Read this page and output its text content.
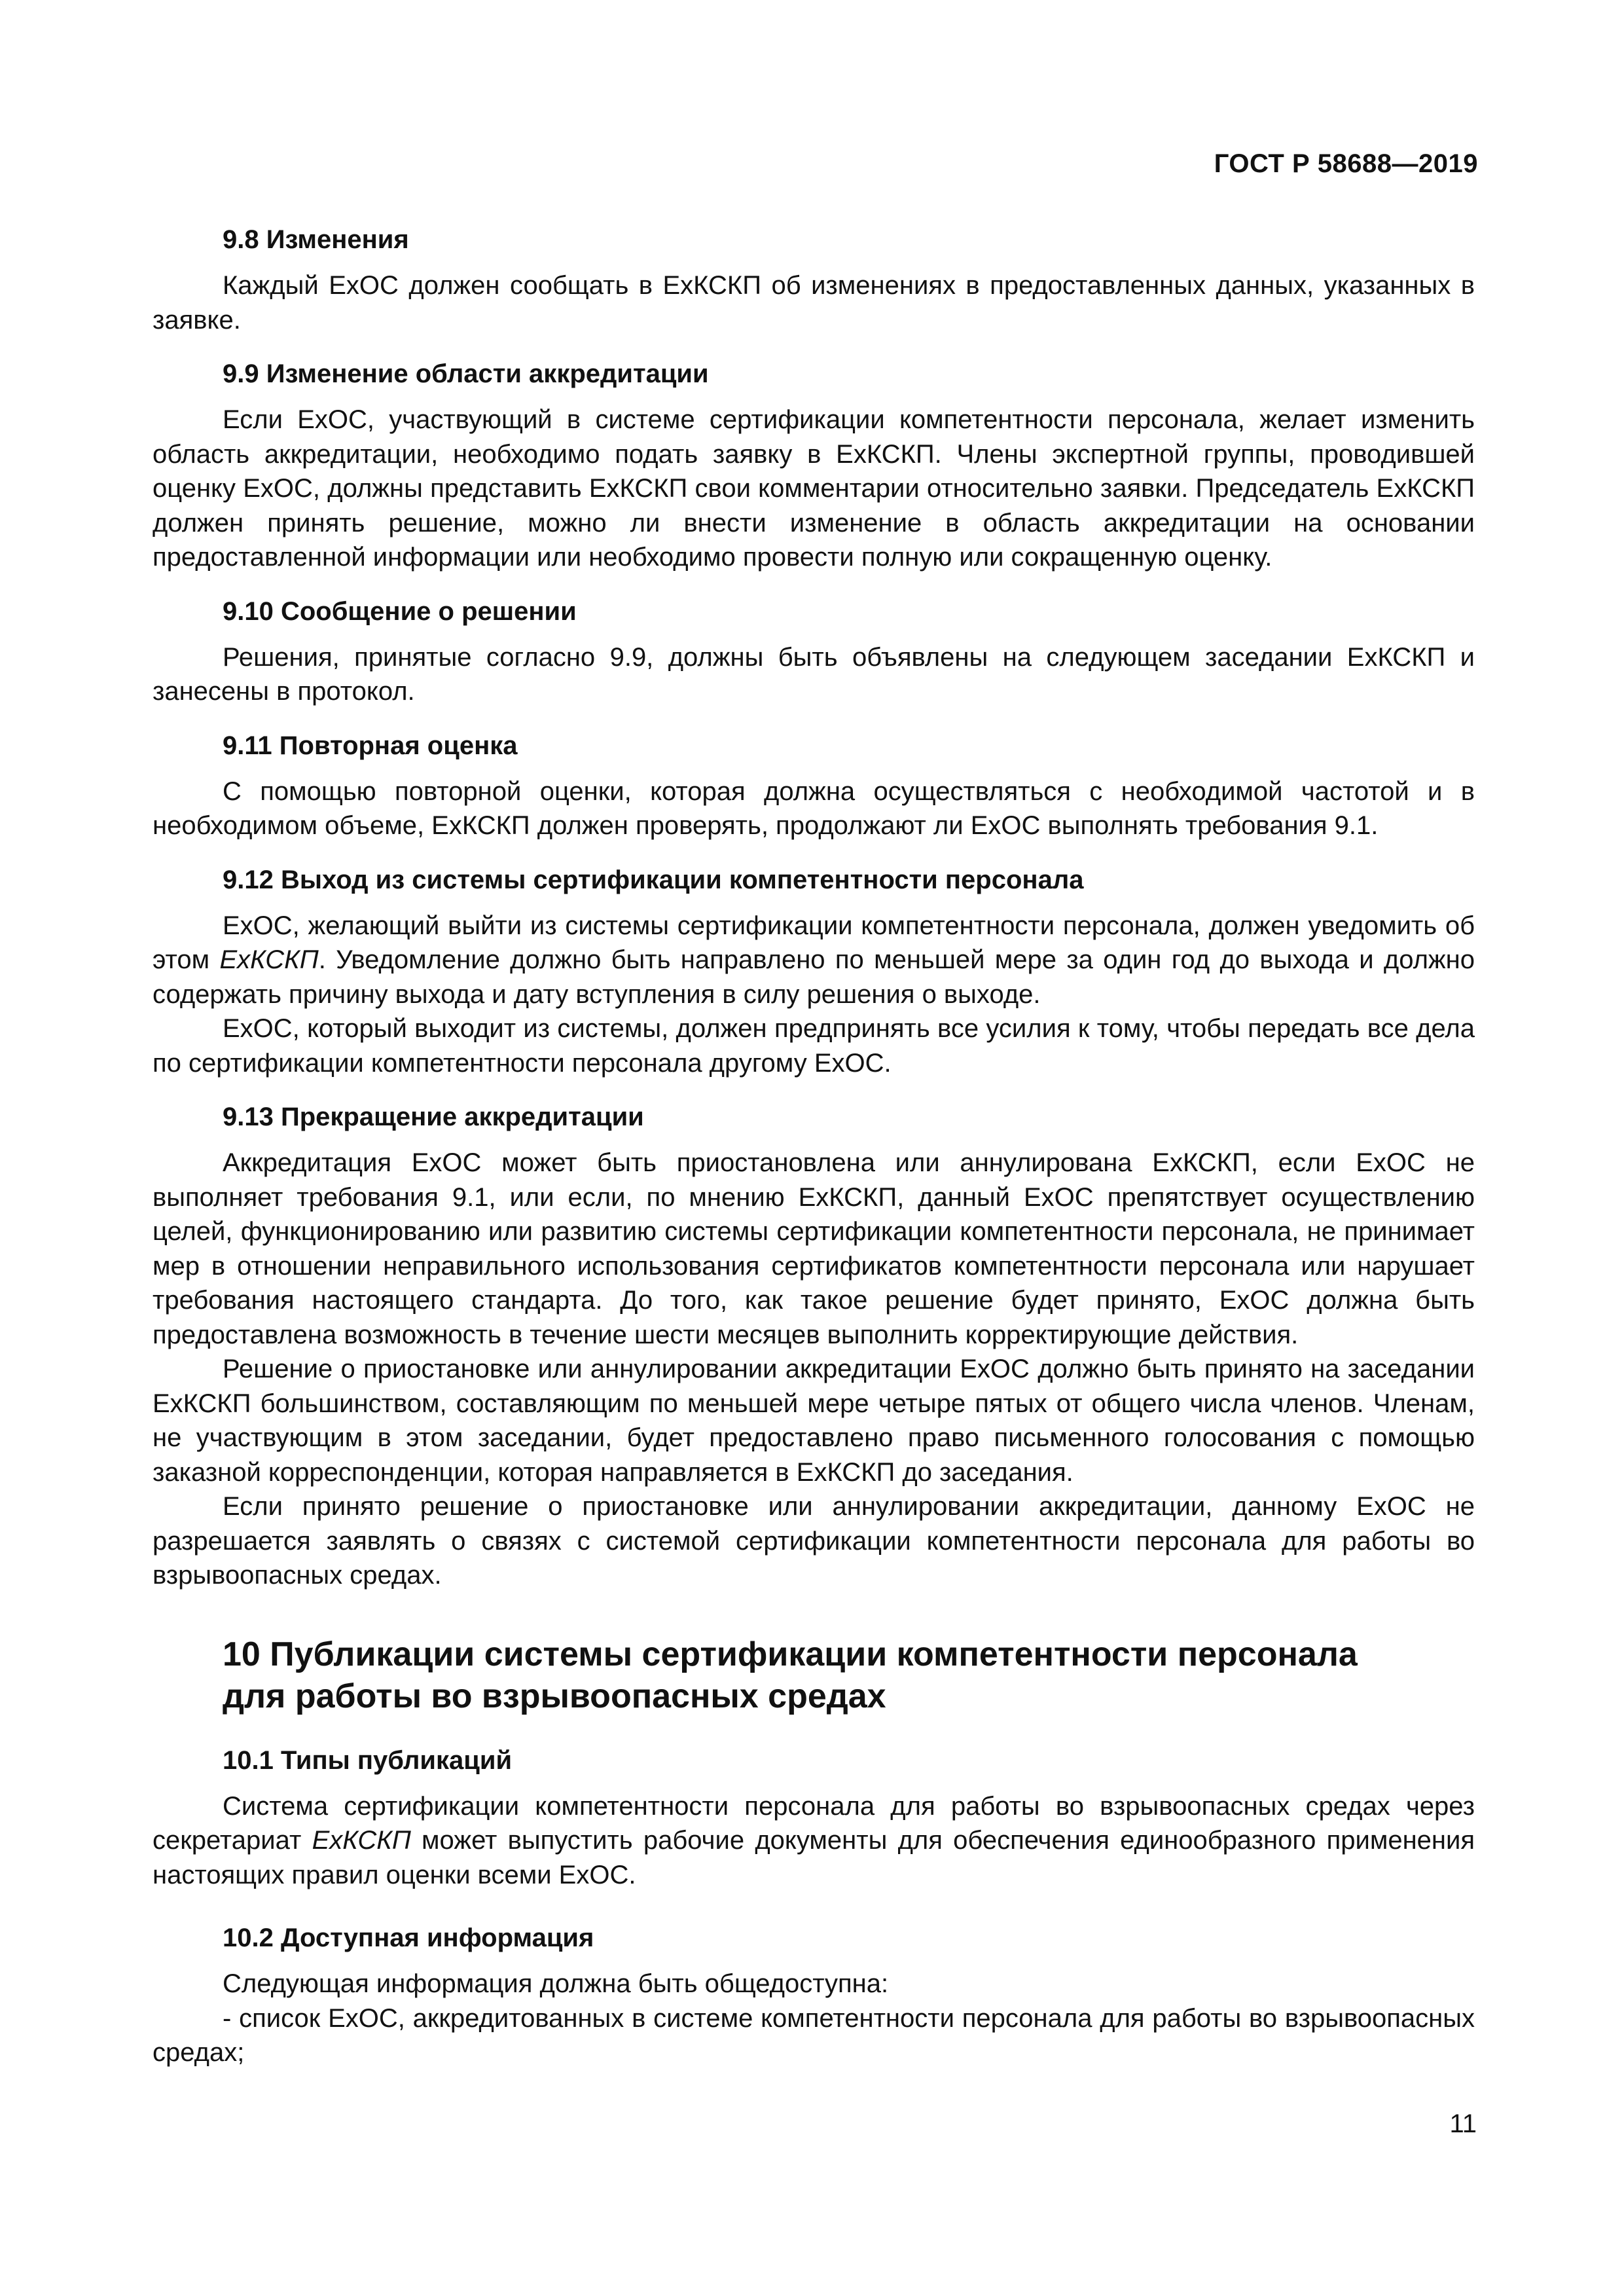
ГОСТ Р 58688—2019
9.8 Изменения

Каждый ExOC должен сообщать в ExКСКП об изменениях в предоставленных данных, указанных в заявке.

9.9 Изменение области аккредитации

Если ExOC, участвующий в системе сертификации компетентности персонала, желает изменить область аккредитации, необходимо подать заявку в ExКСКП. Члены экспертной группы, проводившей оценку ExOC, должны представить ExКСКП свои комментарии относительно заявки. Председатель ExКСКП должен принять решение, можно ли внести изменение в область аккредитации на основании предоставленной информации или необходимо провести полную или сокращенную оценку.

9.10 Сообщение о решении

Решения, принятые согласно 9.9, должны быть объявлены на следующем заседании ExКСКП и занесены в протокол.

9.11 Повторная оценка

С помощью повторной оценки, которая должна осуществляться с необходимой частотой и в необходимом объеме, ExКСКП должен проверять, продолжают ли ExOC выполнять требования 9.1.

9.12 Выход из системы сертификации компетентности персонала

ExOC, желающий выйти из системы сертификации компетентности персонала, должен уведомить об этом ExКСКП. Уведомление должно быть направлено по меньшей мере за один год до выхода и должно содержать причину выхода и дату вступления в силу решения о выходе.

ExOC, который выходит из системы, должен предпринять все усилия к тому, чтобы передать все дела по сертификации компетентности персонала другому ExOC.

9.13 Прекращение аккредитации

Аккредитация ExOC может быть приостановлена или аннулирована ExКСКП, если ExOC не выполняет требования 9.1, или если, по мнению ExКСКП, данный ExOC препятствует осуществлению целей, функционированию или развитию системы сертификации компетентности персонала, не принимает мер в отношении неправильного использования сертификатов компетентности персонала или нарушает требования настоящего стандарта. До того, как такое решение будет принято, ExOC должна быть предоставлена возможность в течение шести месяцев выполнить корректирующие действия.

Решение о приостановке или аннулировании аккредитации ExOC должно быть принято на заседании ExКСКП большинством, составляющим по меньшей мере четыре пятых от общего числа членов. Членам, не участвующим в этом заседании, будет предоставлено право письменного голосования с помощью заказной корреспонденции, которая направляется в ExКСКП до заседания.

Если принято решение о приостановке или аннулировании аккредитации, данному ExOC не разрешается заявлять о связях с системой сертификации компетентности персонала для работы во взрывоопасных средах.

10 Публикации системы сертификации компетентности персонала
для работы во взрывоопасных средах
10.1 Типы публикаций

Система сертификации компетентности персонала для работы во взрывоопасных средах через секретариат ExКСКП может выпустить рабочие документы для обеспечения единообразного применения настоящих правил оценки всеми ExOC.

10.2 Доступная информация

Следующая информация должна быть общедоступна:

- список ExOC, аккредитованных в системе компетентности персонала для работы во взрывоопасных средах;

11
